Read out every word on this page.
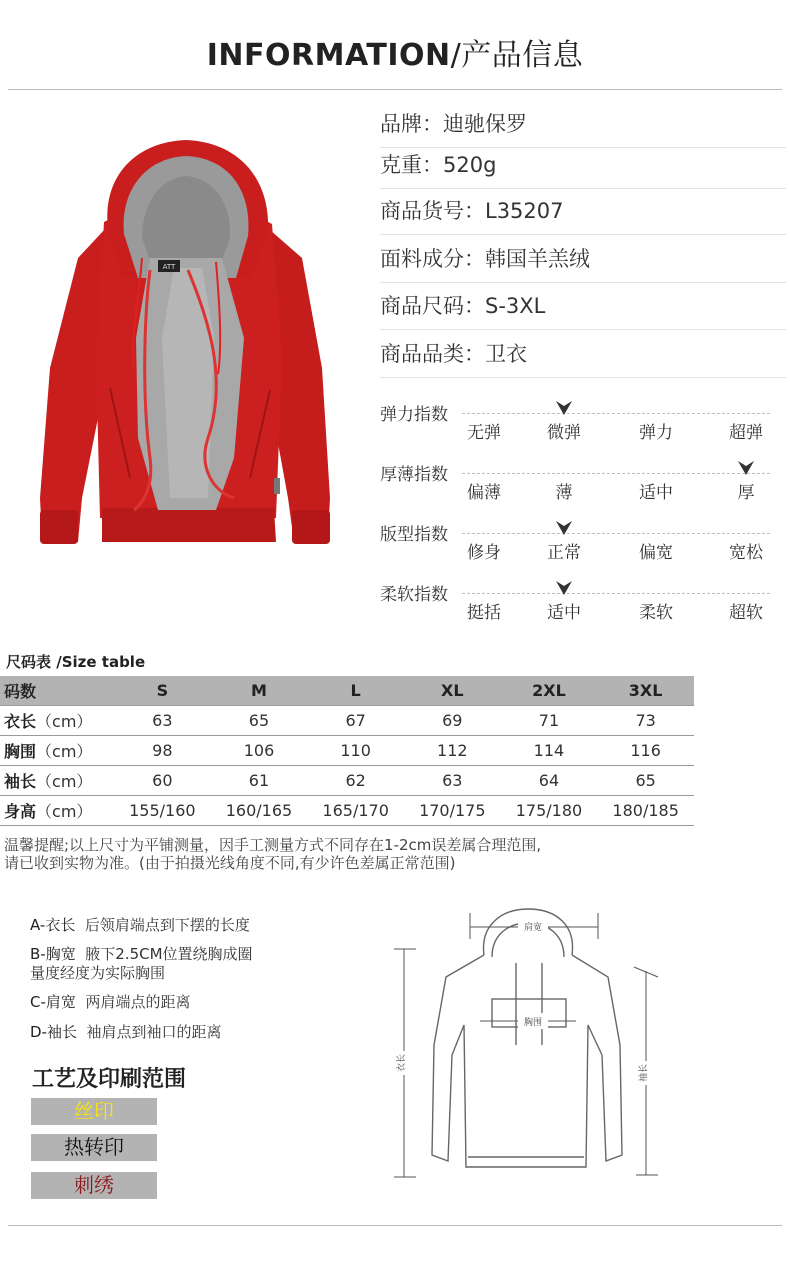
INFORMATION/产品信息
ATT
品牌：迪驰保罗
克重：520g
商品货号：L35207
面料成分：韩国羊羔绒
商品尺码：S-3XL
商品品类：卫衣
弹力指数
无弹	微弹	弹力	超弹
厚薄指数
偏薄	薄	适中	厚
版型指数
修身	正常	偏宽	宽松
柔软指数
挺括	适中	柔软	超软
尺码表 /Size table
码数	S	M	L	XL	2XL	3XL
衣长（cm）	63	65	67	69	71	73
胸围（cm）	98	106	110	112	114	116
袖长（cm）	60	61	62	63	64	65
身高（cm）	155/160	160/165	165/170	170/175	175/180	180/185
温馨提醒;以上尺寸为平铺测量，因手工测量方式不同存在1-2cm误差属合理范围,
请已收到实物为准。(由于拍摄光线角度不同,有少许色差属正常范围)
A-衣长 后领肩端点到下摆的长度
B-胸宽 腋下2.5CM位置绕胸成圈
量度经度为实际胸围
C-肩宽 两肩端点的距离
D-袖长 袖肩点到袖口的距离
工艺及印刷范围
丝印
热转印
刺绣
肩宽
胸围
衣长
袖长
